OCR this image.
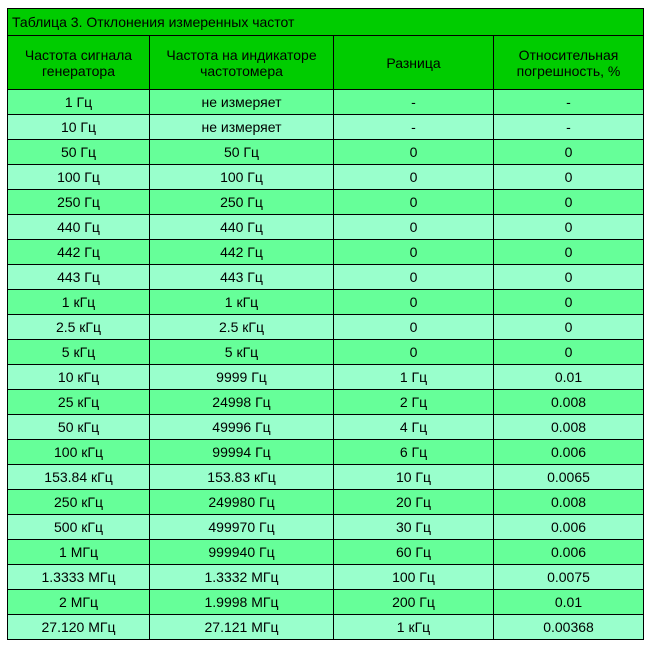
Таблица 3. Отклонения измеренных частот			
Частота сигнала генератора	Частота на индикаторе частотомера	Разница	Относительная погрешность, %
1 Гц	не измеряет	-	-
10 Гц	не измеряет	-	-
50 Гц	50 Гц	0	0
100 Гц	100 Гц	0	0
250 Гц	250 Гц	0	0
440 Гц	440 Гц	0	0
442 Гц	442 Гц	0	0
443 Гц	443 Гц	0	0
1 кГц	1 кГц	0	0
2.5 кГц	2.5 кГц	0	0
5 кГц	5 кГц	0	0
10 кГц	9999 Гц	1 Гц	0.01
25 кГц	24998 Гц	2 Гц	0.008
50 кГц	49996 Гц	4 Гц	0.008
100 кГц	99994 Гц	6 Гц	0.006
153.84 кГц	153.83 кГц	10 Гц	0.0065
250 кГц	249980 Гц	20 Гц	0.008
500 кГц	499970 Гц	30 Гц	0.006
1 МГц	999940 Гц	60 Гц	0.006
1.3333 МГц	1.3332 МГц	100 Гц	0.0075
2 МГц	1.9998 МГц	200 Гц	0.01
27.120 МГц	27.121 МГц	1 кГц	0.00368
